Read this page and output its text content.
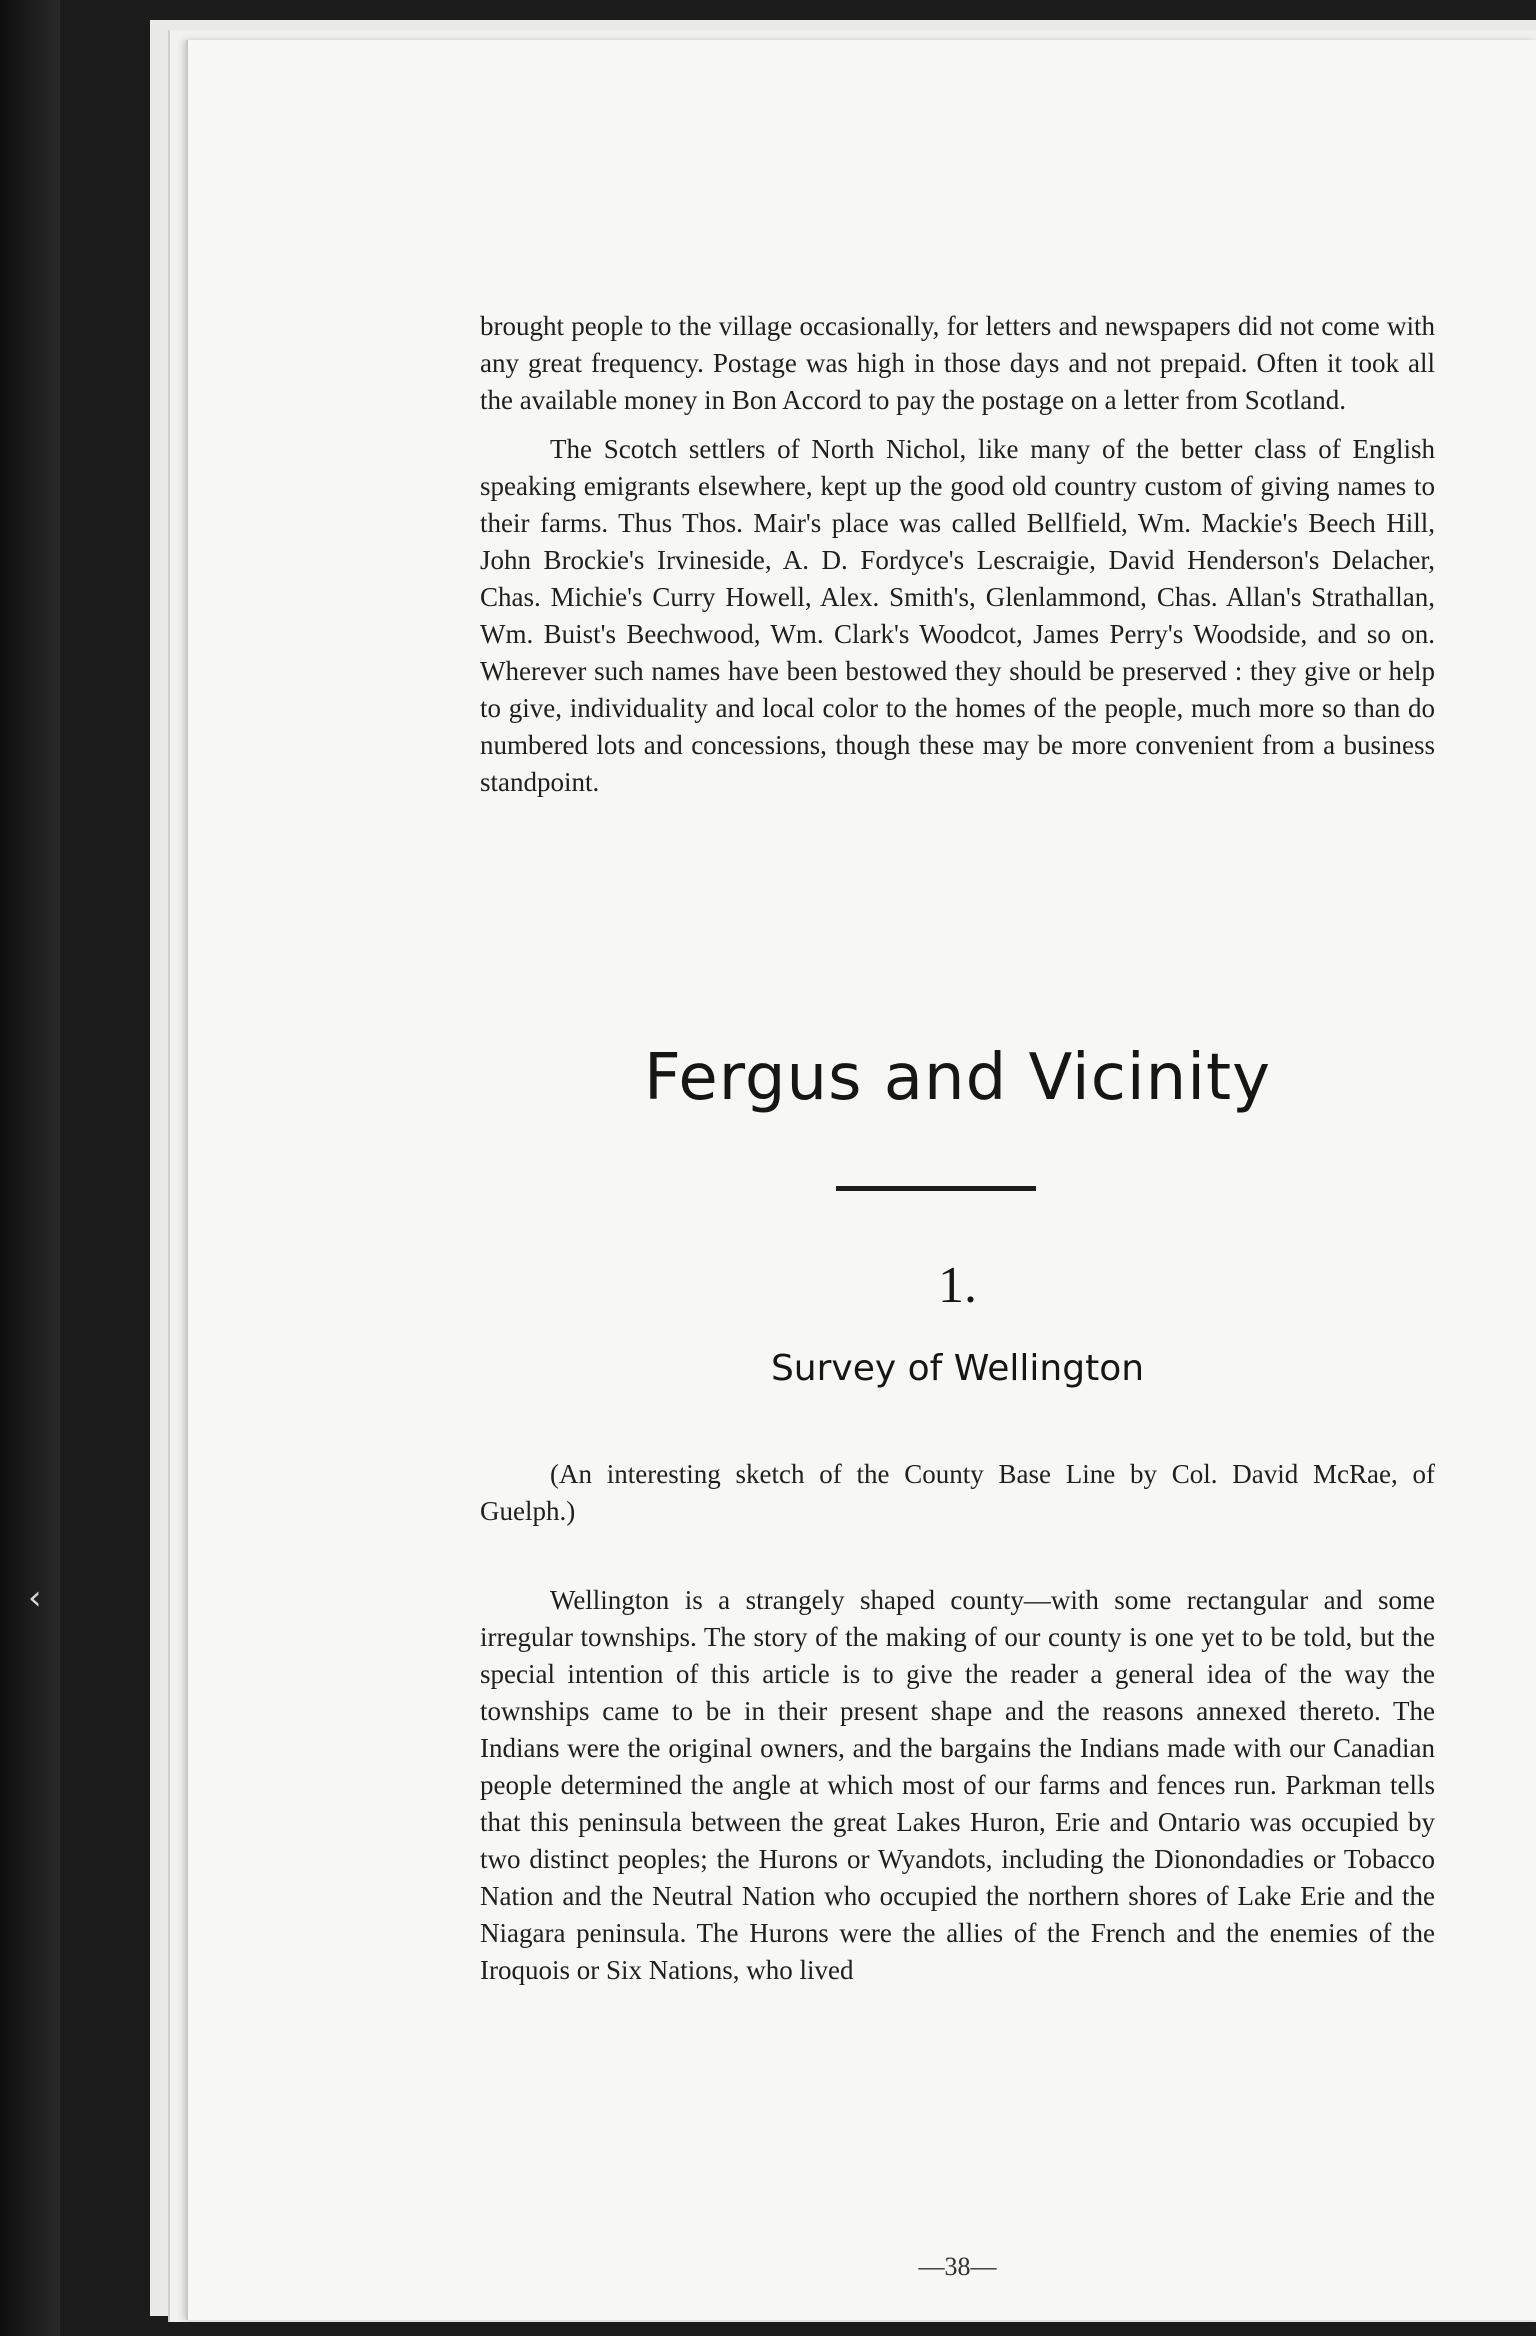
‹

brought people to the village occasionally, for letters and newspapers did not come with any great frequency. Postage was high in those days and not prepaid. Often it took all the available money in Bon Accord to pay the postage on a letter from Scotland.

The Scotch settlers of North Nichol, like many of the better class of English speaking emigrants elsewhere, kept up the good old country custom of giving names to their farms. Thus Thos. Mair's place was called Bellfield, Wm. Mackie's Beech Hill, John Brockie's Irvineside, A. D. Fordyce's Lescraigie, David Henderson's Delacher, Chas. Michie's Curry Howell, Alex. Smith's, Glenlammond, Chas. Allan's Strathallan, Wm. Buist's Beechwood, Wm. Clark's Woodcot, James Perry's Woodside, and so on. Wherever such names have been bestowed they should be preserved : they give or help to give, individuality and local color to the homes of the people, much more so than do numbered lots and concessions, though these may be more convenient from a business standpoint.

Fergus and Vicinity
1.
Survey of Wellington

(An interesting sketch of the County Base Line by Col. David McRae, of Guelph.)

Wellington is a strangely shaped county—with some rectangular and some irregular townships. The story of the making of our county is one yet to be told, but the special intention of this article is to give the reader a general idea of the way the townships came to be in their present shape and the reasons annexed thereto. The Indians were the original owners, and the bargains the Indians made with our Canadian people determined the angle at which most of our farms and fences run. Parkman tells that this peninsula between the great Lakes Huron, Erie and Ontario was occupied by two distinct peoples; the Hurons or Wyandots, including the Dionondadies or Tobacco Nation and the Neutral Nation who occupied the northern shores of Lake Erie and the Niagara peninsula. The Hurons were the allies of the French and the enemies of the Iroquois or Six Nations, who lived

—38—
